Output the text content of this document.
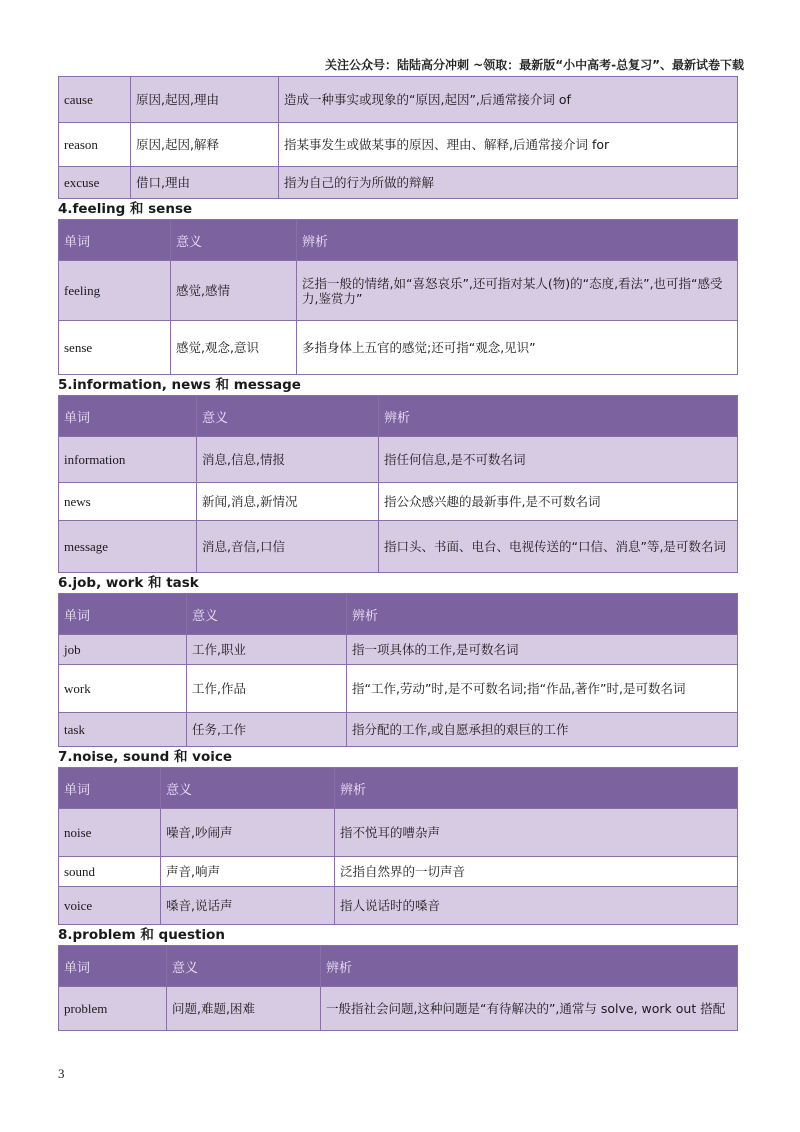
关注公众号：陆陆高分冲刺 ~领取：最新版“小中高考-总复习”、最新试卷下载
cause	原因,起因,理由	造成一种事实或现象的“原因,起因”,后通常接介词 of
reason	原因,起因,解释	指某事发生或做某事的原因、理由、解释,后通常接介词 for
excuse	借口,理由	指为自己的行为所做的辩解
4.feeling 和 sense
单词	意义	辨析
feeling	感觉,感情	泛指一般的情绪,如“喜怒哀乐”,还可指对某人(物)的“态度,看法”,也可指“感受力,鉴赏力”
sense	感觉,观念,意识	多指身体上五官的感觉;还可指“观念,见识”
5.information, news 和 message
单词	意义	辨析
information	消息,信息,情报	指任何信息,是不可数名词
news	新闻,消息,新情况	指公众感兴趣的最新事件,是不可数名词
message	消息,音信,口信	指口头、书面、电台、电视传送的“口信、消息”等,是可数名词
6.job, work 和 task
单词	意义	辨析
job	工作,职业	指一项具体的工作,是可数名词
work	工作,作品	指“工作,劳动”时,是不可数名词;指“作品,著作”时,是可数名词
task	任务,工作	指分配的工作,或自愿承担的艰巨的工作
7.noise, sound 和 voice
单词	意义	辨析
noise	噪音,吵闹声	指不悦耳的嘈杂声
sound	声音,响声	泛指自然界的一切声音
voice	嗓音,说话声	指人说话时的嗓音
8.problem 和 question
单词	意义	辨析
problem	问题,难题,困难	一般指社会问题,这种问题是“有待解决的”,通常与 solve, work out 搭配
3
